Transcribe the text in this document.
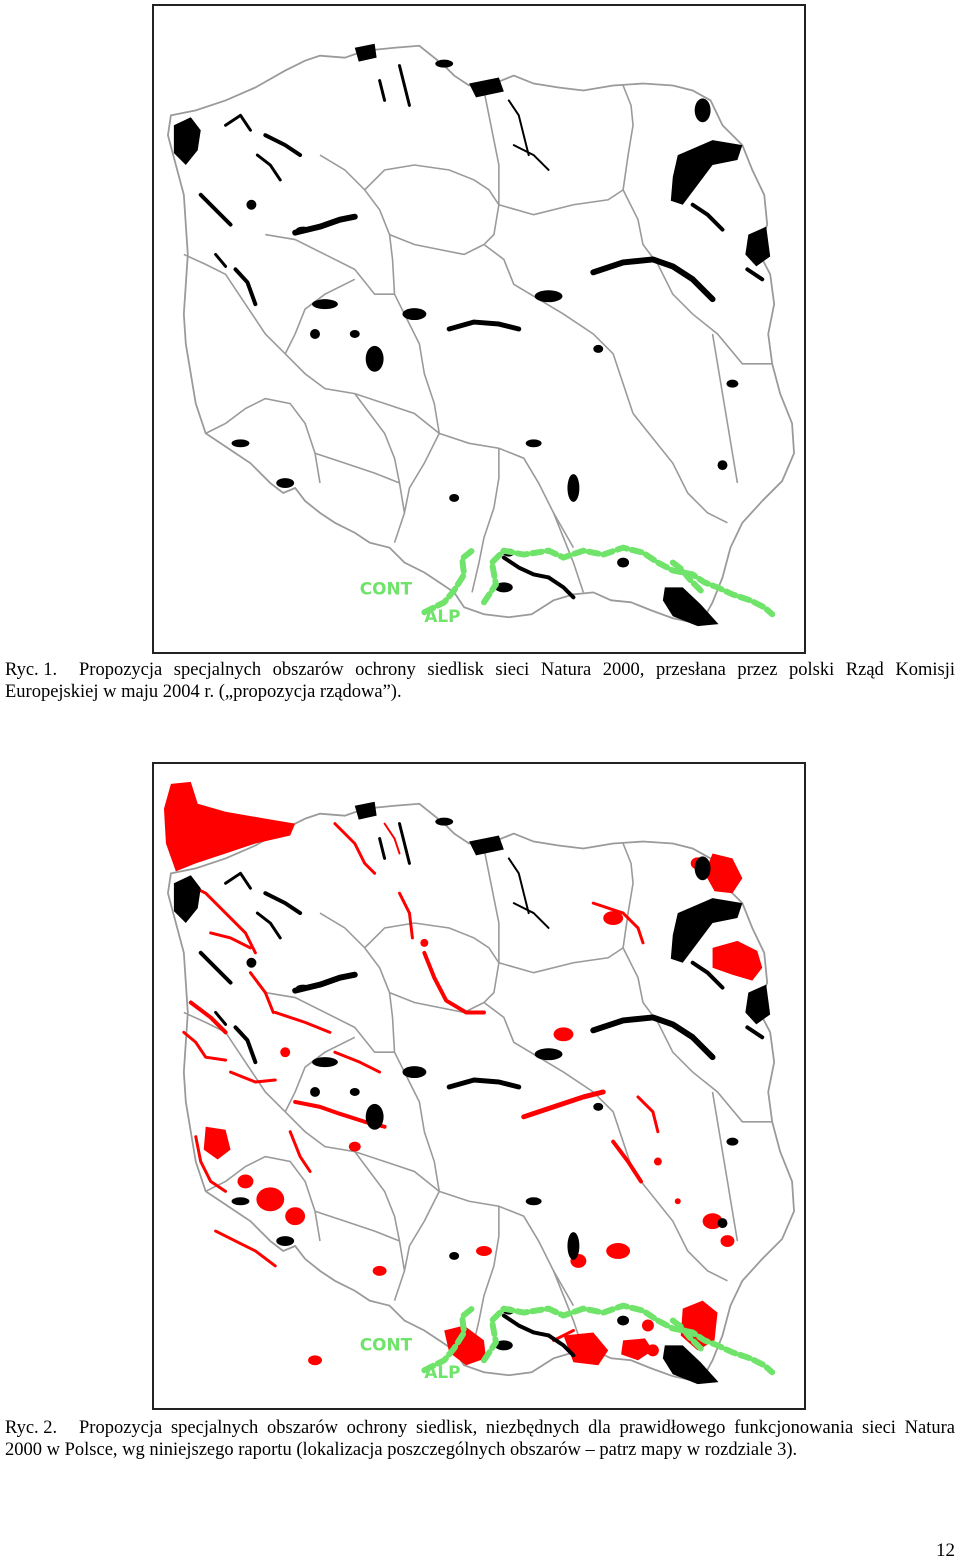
CONT
ALP
Ryc. 1. Propozycja specjalnych obszarów ochrony siedlisk sieci Natura 2000, przesłana przez polski Rząd Komisji Europejskiej w maju 2004 r. („propozycja rządowa”).
CONT
ALP
Ryc. 2. Propozycja specjalnych obszarów ochrony siedlisk, niezbędnych dla prawidłowego funkcjonowania sieci Natura 2000 w Polsce, wg niniejszego raportu (lokalizacja poszczególnych obszarów – patrz mapy w rozdziale 3).
12
